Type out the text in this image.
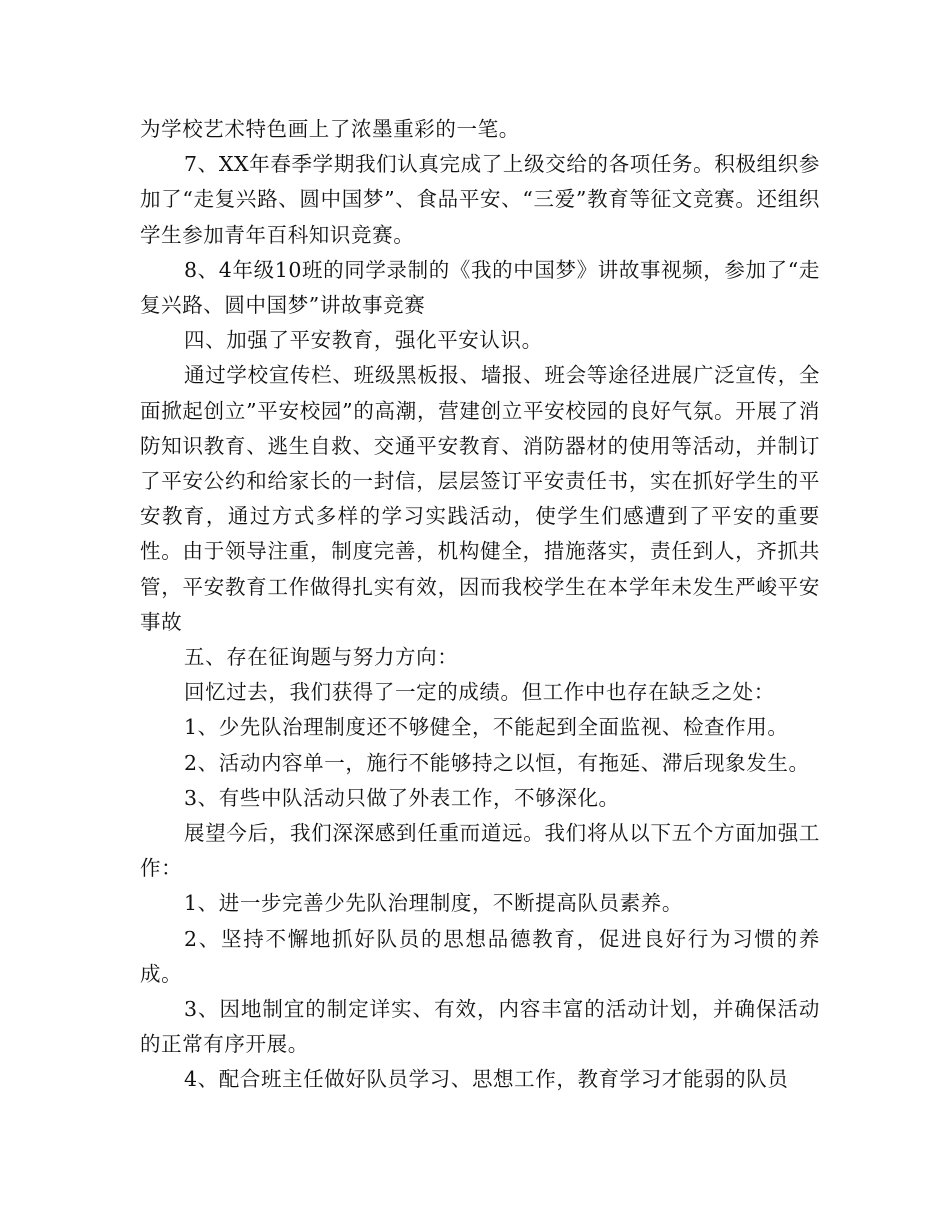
为学校艺术特色画上了浓墨重彩的一笔。

7、XX年春季学期我们认真完成了上级交给的各项任务。积极组织参加了“走复兴路、圆中国梦”、食品平安、“三爱”教育等征文竞赛。还组织学生参加青年百科知识竞赛。

8、4年级10班的同学录制的《我的中国梦》讲故事视频，参加了“走复兴路、圆中国梦”讲故事竞赛

四、加强了平安教育，强化平安认识。

通过学校宣传栏、班级黑板报、墙报、班会等途径进展广泛宣传，全面掀起创立”平安校园”的高潮，营建创立平安校园的良好气氛。开展了消防知识教育、逃生自救、交通平安教育、消防器材的使用等活动，并制订了平安公约和给家长的一封信，层层签订平安责任书，实在抓好学生的平安教育，通过方式多样的学习实践活动，使学生们感遭到了平安的重要性。由于领导注重，制度完善，机构健全，措施落实，责任到人，齐抓共管，平安教育工作做得扎实有效，因而我校学生在本学年未发生严峻平安事故

五、存在征询题与努力方向：

回忆过去，我们获得了一定的成绩。但工作中也存在缺乏之处：

1、少先队治理制度还不够健全，不能起到全面监视、检查作用。

2、活动内容单一，施行不能够持之以恒，有拖延、滞后现象发生。

3、有些中队活动只做了外表工作，不够深化。

展望今后，我们深深感到任重而道远。我们将从以下五个方面加强工作：

1、进一步完善少先队治理制度，不断提高队员素养。

2、坚持不懈地抓好队员的思想品德教育，促进良好行为习惯的养成。

3、因地制宜的制定详实、有效，内容丰富的活动计划，并确保活动的正常有序开展。

4、配合班主任做好队员学习、思想工作，教育学习才能弱的队员
